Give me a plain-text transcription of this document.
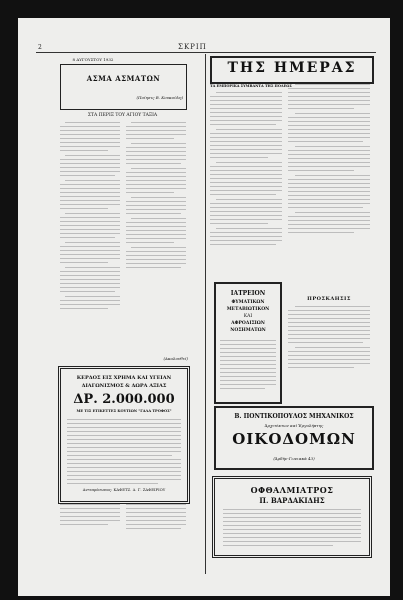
2	ΣΚΡΙΠ
8 ΑΥΓΟΥΣΤΟΥ 1932
ΑΣΜΑ ΑΣΜΑΤΩΝ
(Ποίησις Β. Κουκούλη)
ΣΤΑ ΠΕΡΙΞ ΤΟΥ ΑΓΙΟΥ ΤΑΞΙΑ
(Ακολουθεί)
ΚΕΡΔΟΣ ΕΙΣ ΧΡΗΜΑ ΚΑΙ ΥΓΕΙΑΝ
ΔΙΑΓΩΝΙΣΜΟΣ & ΔΩΡΑ ΑΞΙΑΣ
ΔΡ. 2.000.000
ΜΕ ΤΙΣ ΕΤΙΚΕΤΤΕΣ ΚΟΥΤΙΩΝ "ΓΑΛΑ ΤΡΟΦΟΣ"
Αντιπρόσωπος: ΚΑΦΕΤΖ. Δ. Γ. ΖΑΦΕΙΡΙΟΥ
ΤΗΣ ΗΜΕΡΑΣ
ΤΑ ΕΜΠΟΡΙΚΑ ΣΥΜΒΑΝΤΑ ΤΗΣ ΠΟΛΕΩΣ
ΙΑΤΡΕΙΟΝ
ΦΥΜΑΤΙΚΩΝ
ΜΕΤΑΒΙΩΤΙΚΟΝ
ΚΑΙ
ΑΦΡΟΔΙΣΙΩΝ
ΝΟΣΗΜΑΤΩΝ
ΠΡΟΣΚΛΗΣΙΣ
Β. ΠΟΝΤΙΚΟΠΟΥΛΟΣ ΜΗΧΑΝΙΚΟΣ
Ἀρχιτέκτων καὶ Ἐργολήπτης
ΟΙΚΟΔΟΜΩΝ
(Ἀρδὴν-Γωνιακὰ 43)
ΟΦΘΑΛΜΙΑΤΡΟΣ
Π. ΒΑΡΔΑΚΙΔΗΣ
